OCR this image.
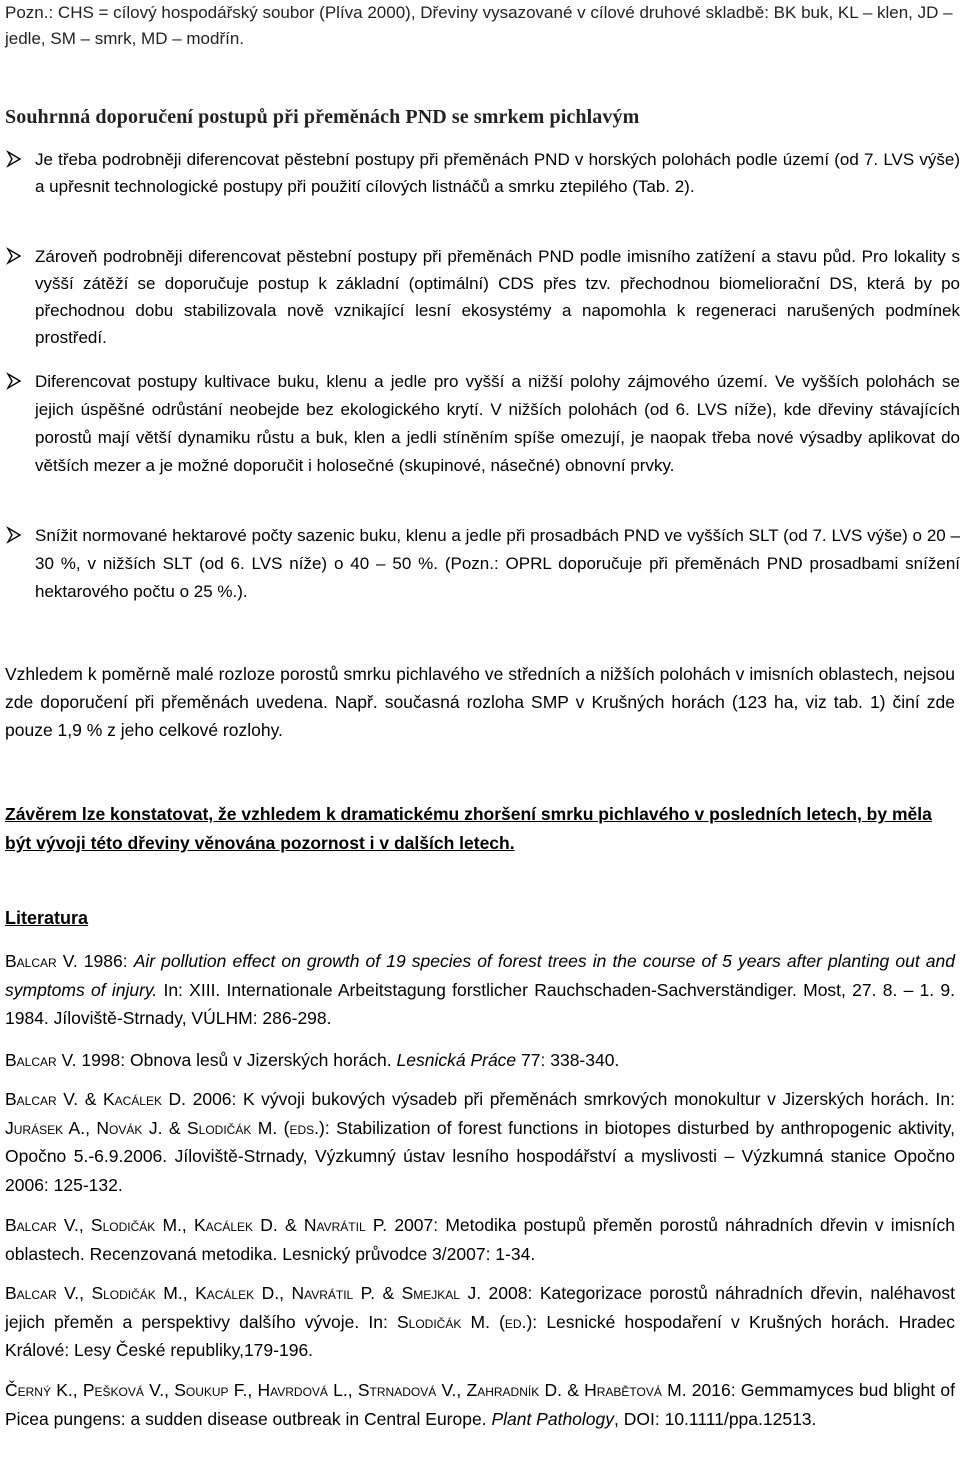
Pozn.: CHS = cílový hospodářský soubor (Plíva 2000), Dřeviny vysazované v cílové druhové skladbě: BK buk, KL – klen, JD – jedle, SM – smrk, MD – modřín.
Souhrnná doporučení postupů při přeměnách PND se smrkem pichlavým
Je třeba podrobněji diferencovat pěstební postupy při přeměnách PND v horských polohách podle území (od 7. LVS výše) a upřesnit technologické postupy při použití cílových listnáčů a smrku ztepilého (Tab. 2).
Zároveň podrobněji diferencovat pěstební postupy při přeměnách PND podle imisního zatížení a stavu půd. Pro lokality s vyšší zátěží se doporučuje postup k základní (optimální) CDS přes tzv. přechodnou biomeliorační DS, která by po přechodnou dobu stabilizovala nově vznikající lesní ekosystémy a napomohla k regeneraci narušených podmínek prostředí.
Diferencovat postupy kultivace buku, klenu a jedle pro vyšší a nižší polohy zájmového území. Ve vyšších polohách se jejich úspěšné odrůstání neobejde bez ekologického krytí. V nižších polohách (od 6. LVS níže), kde dřeviny stávajících porostů mají větší dynamiku růstu a buk, klen a jedli stíněním spíše omezují, je naopak třeba nové výsadby aplikovat do větších mezer a je možné doporučit i holosečné (skupinové, násečné) obnovní prvky.
Snížit normované hektarové počty sazenic buku, klenu a jedle při prosadbách PND ve vyšších SLT (od 7. LVS výše) o 20 – 30 %, v nižších SLT (od 6. LVS níže) o 40 – 50 %. (Pozn.: OPRL doporučuje při přeměnách PND prosadbami snížení hektarového počtu o 25 %.).
Vzhledem k poměrně malé rozloze porostů smrku pichlavého ve středních a nižších polohách v imisních oblastech, nejsou zde doporučení při přeměnách uvedena. Např. současná rozloha SMP v Krušných horách (123 ha, viz tab. 1) činí zde pouze 1,9 % z jeho celkové rozlohy.
Závěrem lze konstatovat, že vzhledem k dramatickému zhoršení smrku pichlavého v posledních letech, by měla být vývoji této dřeviny věnována pozornost i v dalších letech.
Literatura
Balcar V. 1986: Air pollution effect on growth of 19 species of forest trees in the course of 5 years after planting out and symptoms of injury. In: XIII. Internationale Arbeitstagung forstlicher Rauchschaden-Sachverständiger. Most, 27. 8. – 1. 9. 1984. Jíloviště-Strnady, VÚLHM: 286-298.
Balcar V. 1998: Obnova lesů v Jizerských horách. Lesnická Práce 77: 338-340.
Balcar V. & Kacálek D. 2006: K vývoji bukových výsadeb při přeměnách smrkových monokultur v Jizerských horách. In: Jurásek A., Novák J. & Slodičák M. (eds.): Stabilization of forest functions in biotopes disturbed by anthropogenic aktivity, Opočno 5.-6.9.2006. Jíloviště-Strnady, Výzkumný ústav lesního hospodářství a myslivosti – Výzkumná stanice Opočno 2006: 125-132.
Balcar V., Slodičák M., Kacálek D. & Navrátil P. 2007: Metodika postupů přeměn porostů náhradních dřevin v imisních oblastech. Recenzovaná metodika. Lesnický průvodce 3/2007: 1-34.
Balcar V., Slodičák M., Kacálek D., Navrátil P. & Smejkal J. 2008: Kategorizace porostů náhradních dřevin, naléhavost jejich přeměn a perspektivy dalšího vývoje. In: Slodičák M. (ed.): Lesnické hospodaření v Krušných horách. Hradec Králové: Lesy České republiky,179-196.
Černý K., Pešková V., Soukup F., Havrdová L., Strnadová V., Zahradník D. & Hrabětová M. 2016: Gemmamyces bud blight of Picea pungens: a sudden disease outbreak in Central Europe. Plant Pathology, DOI: 10.1111/ppa.12513.
